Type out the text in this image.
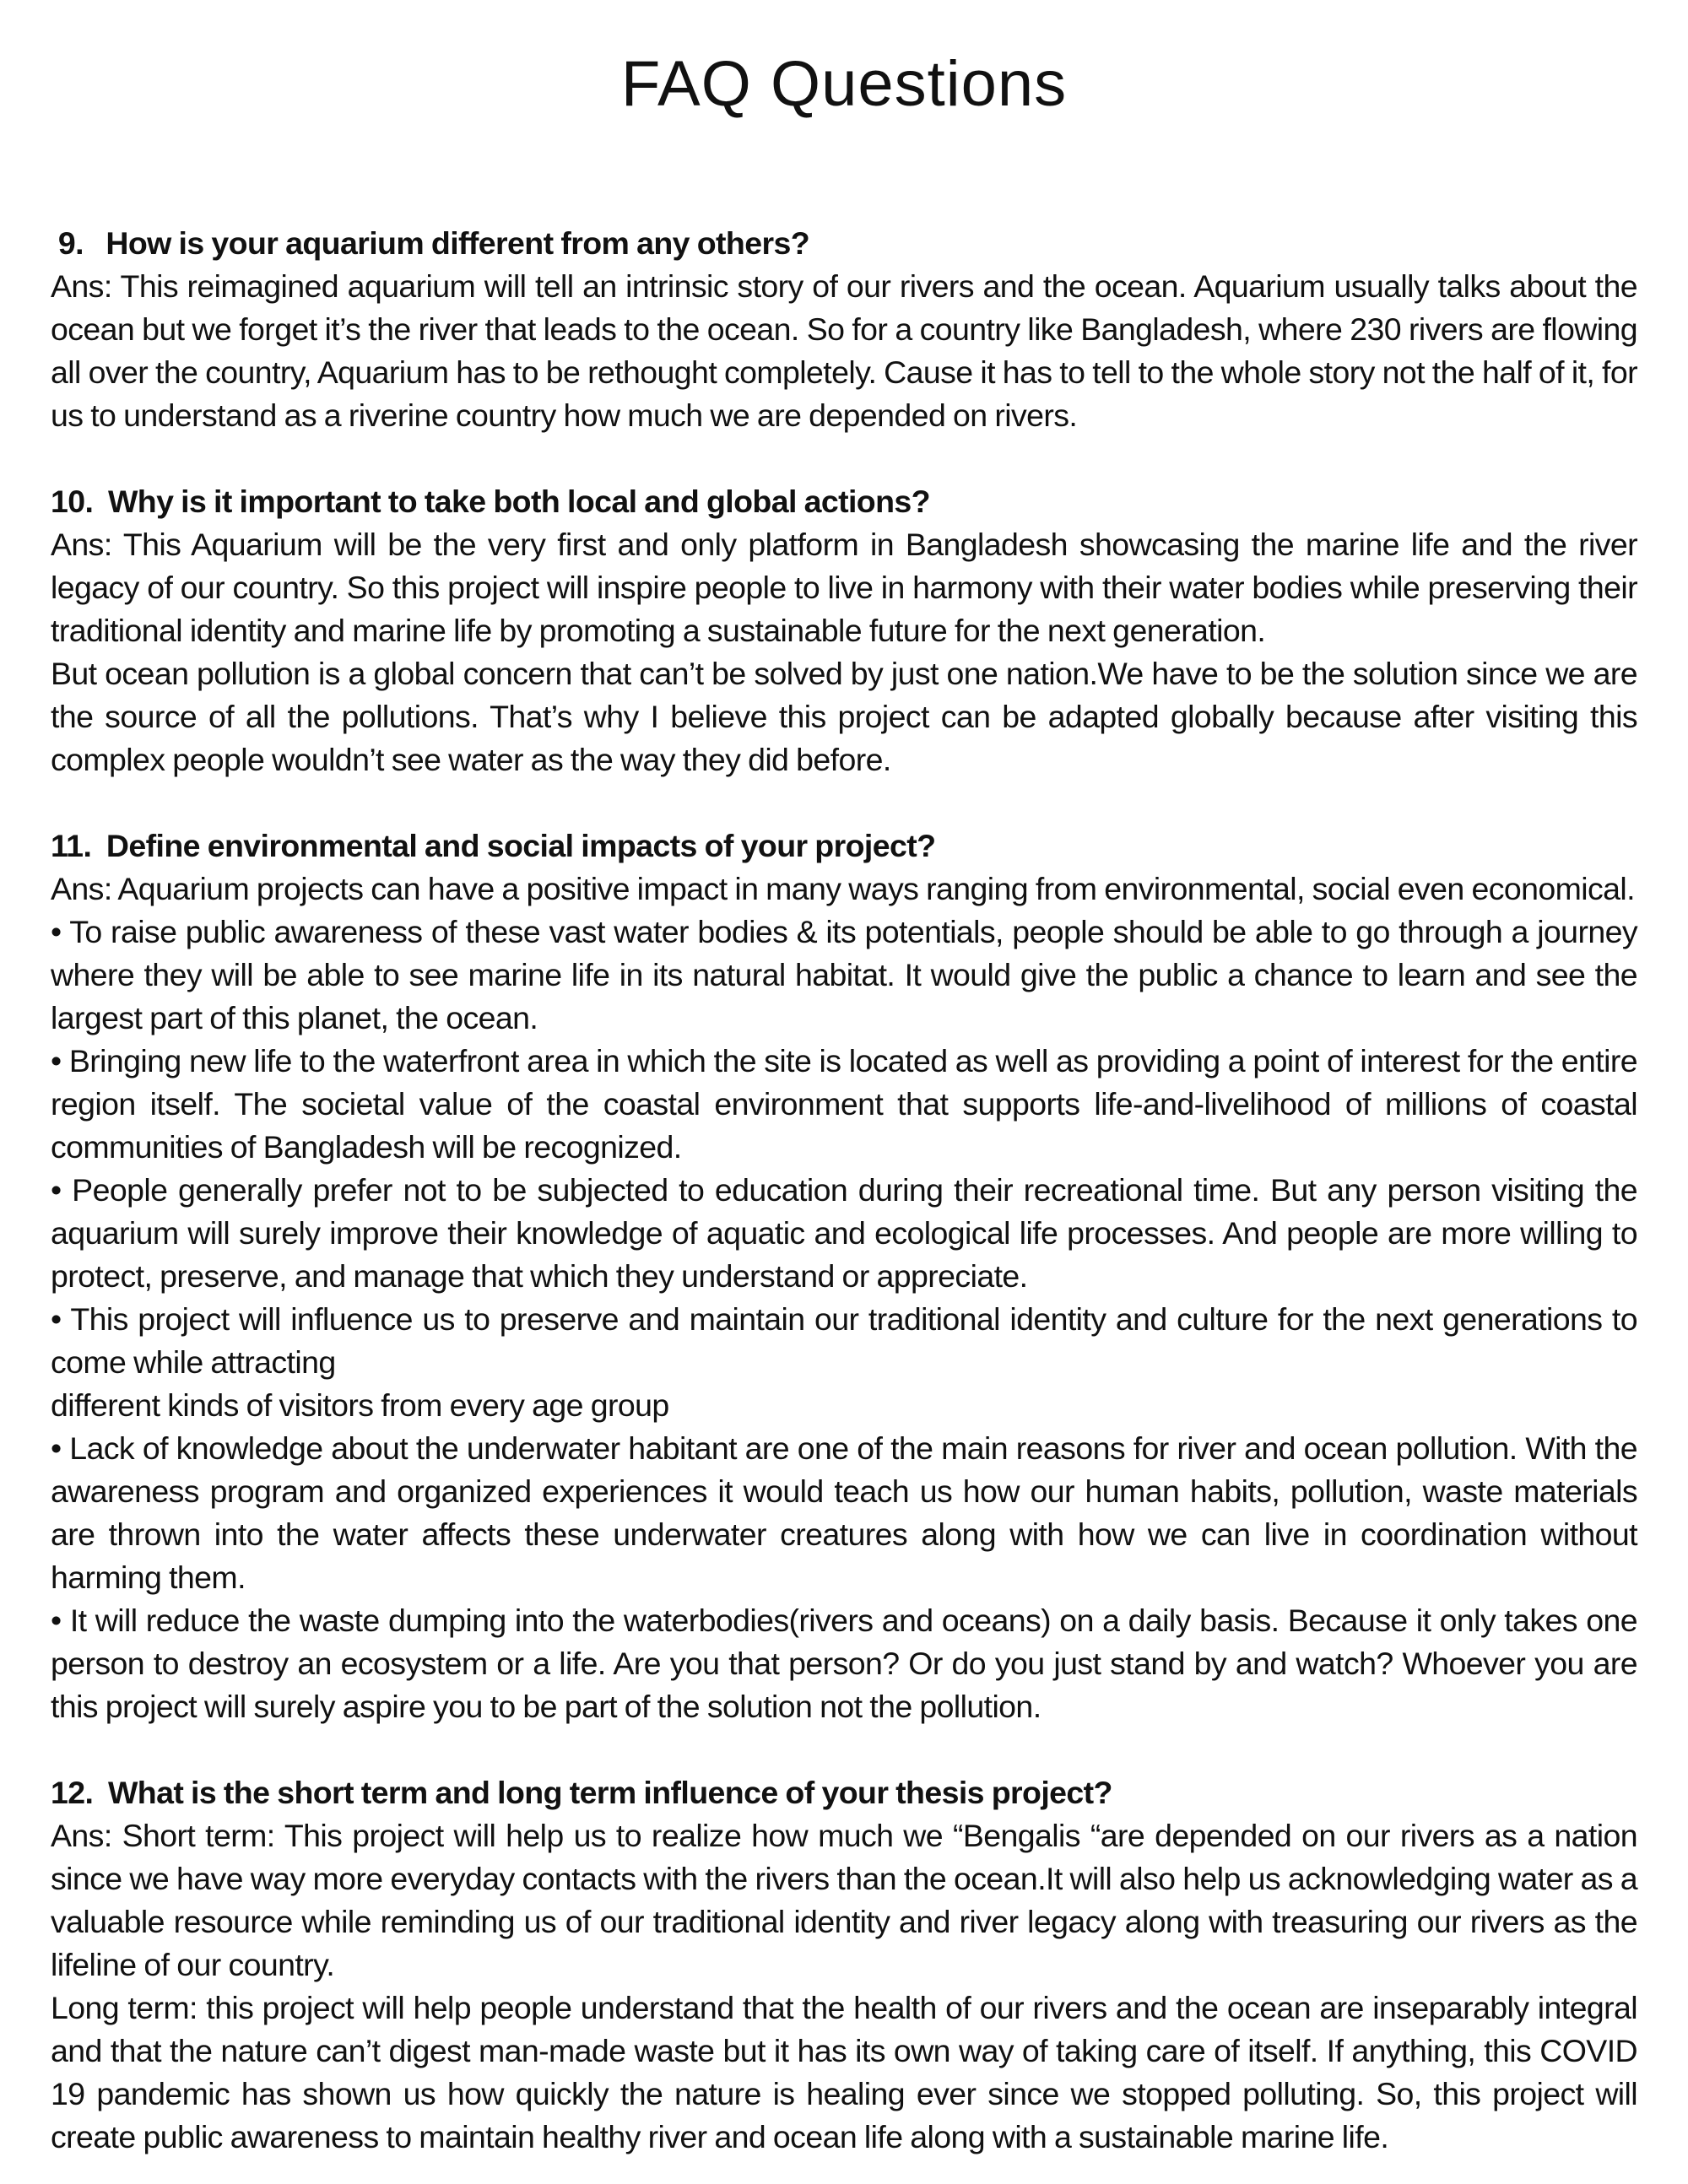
FAQ Questions

9.   How is your aquarium different from any others?

Ans: This reimagined aquarium will tell an intrinsic story of our rivers and the ocean. Aquarium usually talks about the ocean but we forget it’s the river that leads to the ocean. So for a country like Bangladesh, where 230 rivers are flowing all over the country, Aquarium has to be rethought completely. Cause it has to tell to the whole story not the half of it, for us to understand as a riverine country how much we are depended on rivers.

10.  Why is it important to take both local and global actions?

Ans: This Aquarium will be the very first and only platform in Bangladesh showcasing the marine life and the river legacy of our country. So this project will inspire people to live in harmony with their water bodies while preserving their traditional identity and marine life by promoting a sustainable future for the next generation.

But ocean pollution is a global concern that can’t be solved by just one nation.We have to be the solution since we are the source of all the pollutions. That’s why I believe this project can be adapted globally because after visiting this complex people wouldn’t see water as the way they did before.

11.  Define environmental and social impacts of your project?

Ans: Aquarium projects can have a positive impact in many ways ranging from environmental, social even economical.

• To raise public awareness of these vast water bodies & its potentials, people should be able to go through a journey where they will be able to see marine life in its natural habitat. It would give the public a chance to learn and see the largest part of this planet, the ocean.

• Bringing new life to the waterfront area in which the site is located as well as providing a point of interest for the entire region itself. The societal value of the coastal environment that supports life-and-livelihood of millions of coastal communities of Bangladesh will be recognized.

• People generally prefer not to be subjected to education during their recreational time. But any person visiting the aquarium will surely improve their knowledge of aquatic and ecological life processes. And people are more willing to protect, preserve, and manage that which they understand or appreciate.

• This project will influence us to preserve and maintain our traditional identity and culture for the next generations to come while attracting

different kinds of visitors from every age group

• Lack of knowledge about the underwater habitant are one of the main reasons for river and ocean pollution. With the awareness program and organized experiences it would teach us how our human habits, pollution, waste materials are thrown into the water affects these underwater creatures along with how we can live in coordination without harming them.

• It will reduce the waste dumping into the waterbodies(rivers and oceans) on a daily basis. Because it only takes one person to destroy an ecosystem or a life. Are you that person? Or do you just stand by and watch? Whoever you are this project will surely aspire you to be part of the solution not the pollution.

12.  What is the short term and long term influence of your thesis project?

Ans: Short term: This project will help us to realize how much we “Bengalis “are depended on our rivers as a nation since we have way more everyday contacts with the rivers than the ocean.It will also help us acknowledging water as a valuable resource while reminding us of our traditional identity and river legacy along with treasuring our rivers as the lifeline of our country.

Long term: this project will help people understand that the health of our rivers and the ocean are inseparably integral and that the nature can’t digest man-made waste but it has its own way of taking care of itself. If anything, this COVID 19 pandemic has shown us how quickly the nature is healing ever since we stopped polluting. So, this project will create public awareness to maintain healthy river and ocean life along with a sustainable marine life.
